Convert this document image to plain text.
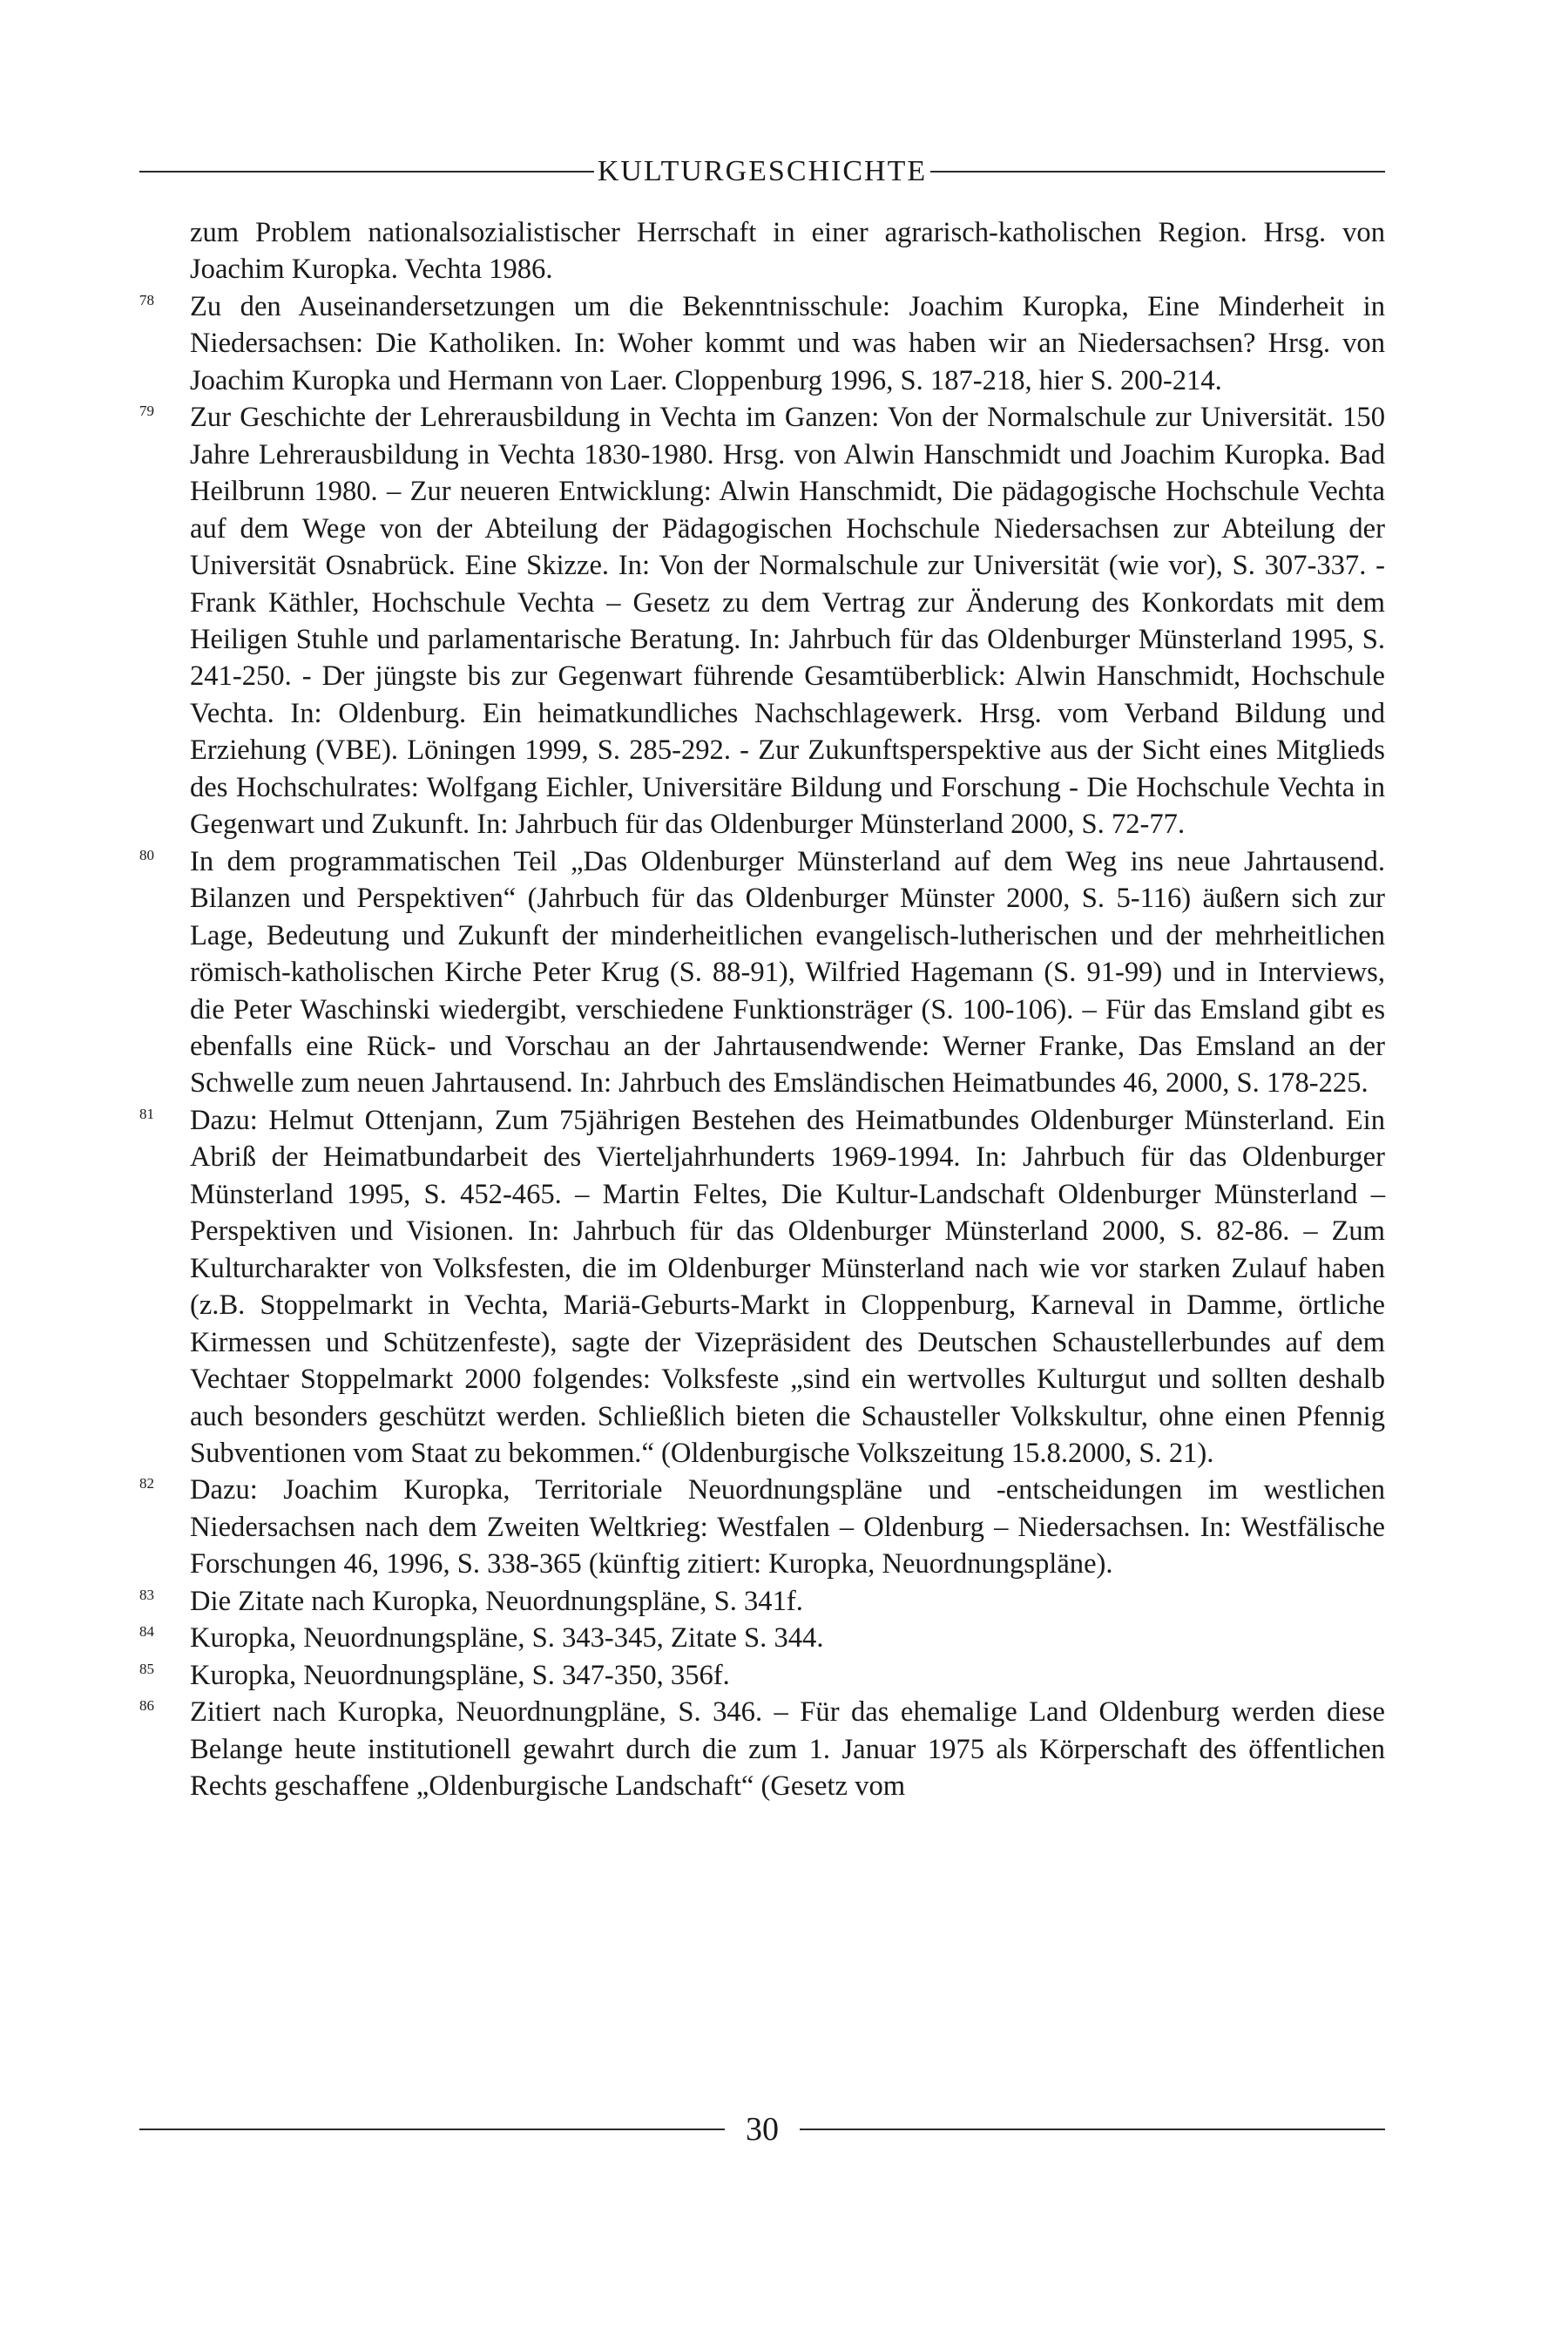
KULTURGESCHICHTE
zum Problem nationalsozialistischer Herrschaft in einer agrarisch-katholischen Region. Hrsg. von Joachim Kuropka. Vechta 1986.
78 Zu den Auseinandersetzungen um die Bekenntnisschule: Joachim Kuropka, Eine Minderheit in Niedersachsen: Die Katholiken. In: Woher kommt und was haben wir an Niedersachsen? Hrsg. von Joachim Kuropka und Hermann von Laer. Cloppenburg 1996, S. 187-218, hier S. 200-214.
79 Zur Geschichte der Lehrerausbildung in Vechta im Ganzen: Von der Normalschule zur Universität. 150 Jahre Lehrerausbildung in Vechta 1830-1980. Hrsg. von Alwin Hanschmidt und Joachim Kuropka. Bad Heilbrunn 1980. – Zur neueren Entwicklung: Alwin Hanschmidt, Die pädagogische Hochschule Vechta auf dem Wege von der Abteilung der Pädagogischen Hochschule Niedersachsen zur Abteilung der Universität Osnabrück. Eine Skizze. In: Von der Normalschule zur Universität (wie vor), S. 307-337. - Frank Käthler, Hochschule Vechta – Gesetz zu dem Vertrag zur Änderung des Konkordats mit dem Heiligen Stuhle und parlamentarische Beratung. In: Jahrbuch für das Oldenburger Münsterland 1995, S. 241-250. - Der jüngste bis zur Gegenwart führende Gesamtüberblick: Alwin Hanschmidt, Hochschule Vechta. In: Oldenburg. Ein heimatkundliches Nachschlagewerk. Hrsg. vom Verband Bildung und Erziehung (VBE). Löningen 1999, S. 285-292. - Zur Zukunftsperspektive aus der Sicht eines Mitglieds des Hochschulrates: Wolfgang Eichler, Universitäre Bildung und Forschung - Die Hochschule Vechta in Gegenwart und Zukunft. In: Jahrbuch für das Oldenburger Münsterland 2000, S. 72-77.
80 In dem programmatischen Teil „Das Oldenburger Münsterland auf dem Weg ins neue Jahrtausend. Bilanzen und Perspektiven“ (Jahrbuch für das Oldenburger Münster 2000, S. 5-116) äußern sich zur Lage, Bedeutung und Zukunft der minderheitlichen evangelisch-lutherischen und der mehrheitlichen römisch-katholischen Kirche Peter Krug (S. 88-91), Wilfried Hagemann (S. 91-99) und in Interviews, die Peter Waschinski wiedergibt, verschiedene Funktionsträger (S. 100-106). – Für das Emsland gibt es ebenfalls eine Rück- und Vorschau an der Jahrtausendwende: Werner Franke, Das Emsland an der Schwelle zum neuen Jahrtausend. In: Jahrbuch des Emsländischen Heimatbundes 46, 2000, S. 178-225.
81 Dazu: Helmut Ottenjann, Zum 75jährigen Bestehen des Heimatbundes Oldenburger Münsterland. Ein Abriß der Heimatbundarbeit des Vierteljahrhunderts 1969-1994. In: Jahrbuch für das Oldenburger Münsterland 1995, S. 452-465. – Martin Feltes, Die Kultur-Landschaft Oldenburger Münsterland – Perspektiven und Visionen. In: Jahrbuch für das Oldenburger Münsterland 2000, S. 82-86. – Zum Kulturcharakter von Volksfesten, die im Oldenburger Münsterland nach wie vor starken Zulauf haben (z.B. Stoppelmarkt in Vechta, Mariä-Geburts-Markt in Cloppenburg, Karneval in Damme, örtliche Kirmessen und Schützenfeste), sagte der Vizepräsident des Deutschen Schaustellerbundes auf dem Vechtaer Stoppelmarkt 2000 folgendes: Volksfeste „sind ein wertvolles Kulturgut und sollten deshalb auch besonders geschützt werden. Schließlich bieten die Schausteller Volkskultur, ohne einen Pfennig Subventionen vom Staat zu bekommen.“ (Oldenburgische Volkszeitung 15.8.2000, S. 21).
82 Dazu: Joachim Kuropka, Territoriale Neuordnungspläne und -entscheidungen im westlichen Niedersachsen nach dem Zweiten Weltkrieg: Westfalen – Oldenburg – Niedersachsen. In: Westfälische Forschungen 46, 1996, S. 338-365 (künftig zitiert: Kuropka, Neuordnungspläne).
83 Die Zitate nach Kuropka, Neuordnungspläne, S. 341f.
84 Kuropka, Neuordnungspläne, S. 343-345, Zitate S. 344.
85 Kuropka, Neuordnungspläne, S. 347-350, 356f.
86 Zitiert nach Kuropka, Neuordnungpläne, S. 346. – Für das ehemalige Land Oldenburg werden diese Belange heute institutionell gewahrt durch die zum 1. Januar 1975 als Körperschaft des öffentlichen Rechts geschaffene „Oldenburgische Landschaft“ (Gesetz vom
30
